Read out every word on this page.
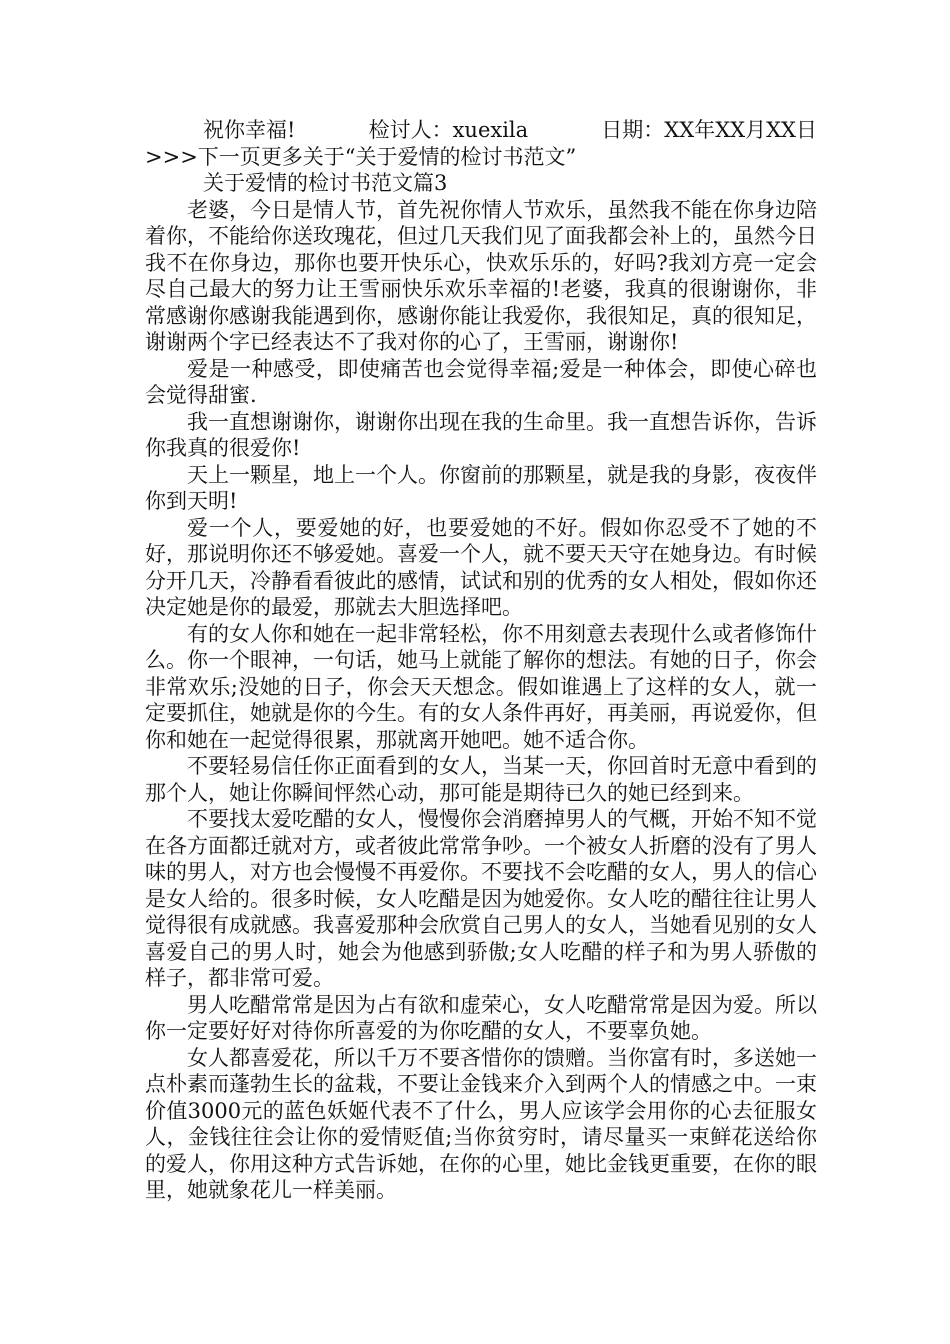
祝你幸福!	检讨人：xuexila	日期：XX年XX月XX日
>>>下一页更多关于“关于爱情的检讨书范文”
关于爱情的检讨书范文篇3

老婆，今日是情人节，首先祝你情人节欢乐，虽然我不能在你身边陪着你，不能给你送玫瑰花，但过几天我们见了面我都会补上的，虽然今日我不在你身边，那你也要开快乐心，快欢乐乐的，好吗?我刘方亮一定会尽自己最大的努力让王雪丽快乐欢乐幸福的!老婆，我真的很谢谢你，非常感谢你感谢我能遇到你，感谢你能让我爱你，我很知足，真的很知足，谢谢两个字已经表达不了我对你的心了，王雪丽，谢谢你!

爱是一种感受，即使痛苦也会觉得幸福;爱是一种体会，即使心碎也会觉得甜蜜.

我一直想谢谢你，谢谢你出现在我的生命里。我一直想告诉你，告诉你我真的很爱你!

天上一颗星，地上一个人。你窗前的那颗星，就是我的身影，夜夜伴你到天明!

爱一个人，要爱她的好，也要爱她的不好。假如你忍受不了她的不好，那说明你还不够爱她。喜爱一个人，就不要天天守在她身边。有时候分开几天，冷静看看彼此的感情，试试和别的优秀的女人相处，假如你还决定她是你的最爱，那就去大胆选择吧。

有的女人你和她在一起非常轻松，你不用刻意去表现什么或者修饰什么。你一个眼神，一句话，她马上就能了解你的想法。有她的日子，你会非常欢乐;没她的日子，你会天天想念。假如谁遇上了这样的女人，就一定要抓住，她就是你的今生。有的女人条件再好，再美丽，再说爱你，但你和她在一起觉得很累，那就离开她吧。她不适合你。

不要轻易信任你正面看到的女人，当某一天，你回首时无意中看到的那个人，她让你瞬间怦然心动，那可能是期待已久的她已经到来。

不要找太爱吃醋的女人，慢慢你会消磨掉男人的气概，开始不知不觉在各方面都迁就对方，或者彼此常常争吵。一个被女人折磨的没有了男人味的男人，对方也会慢慢不再爱你。不要找不会吃醋的女人，男人的信心是女人给的。很多时候，女人吃醋是因为她爱你。女人吃的醋往往让男人觉得很有成就感。我喜爱那种会欣赏自己男人的女人，当她看见别的女人喜爱自己的男人时，她会为他感到骄傲;女人吃醋的样子和为男人骄傲的样子，都非常可爱。

男人吃醋常常是因为占有欲和虚荣心，女人吃醋常常是因为爱。所以你一定要好好对待你所喜爱的为你吃醋的女人，不要辜负她。

女人都喜爱花，所以千万不要吝惜你的馈赠。当你富有时，多送她一点朴素而蓬勃生长的盆栽，不要让金钱来介入到两个人的情感之中。一束价值3000元的蓝色妖姬代表不了什么，男人应该学会用你的心去征服女人，金钱往往会让你的爱情贬值;当你贫穷时，请尽量买一束鲜花送给你的爱人，你用这种方式告诉她，在你的心里，她比金钱更重要，在你的眼里，她就象花儿一样美丽。
